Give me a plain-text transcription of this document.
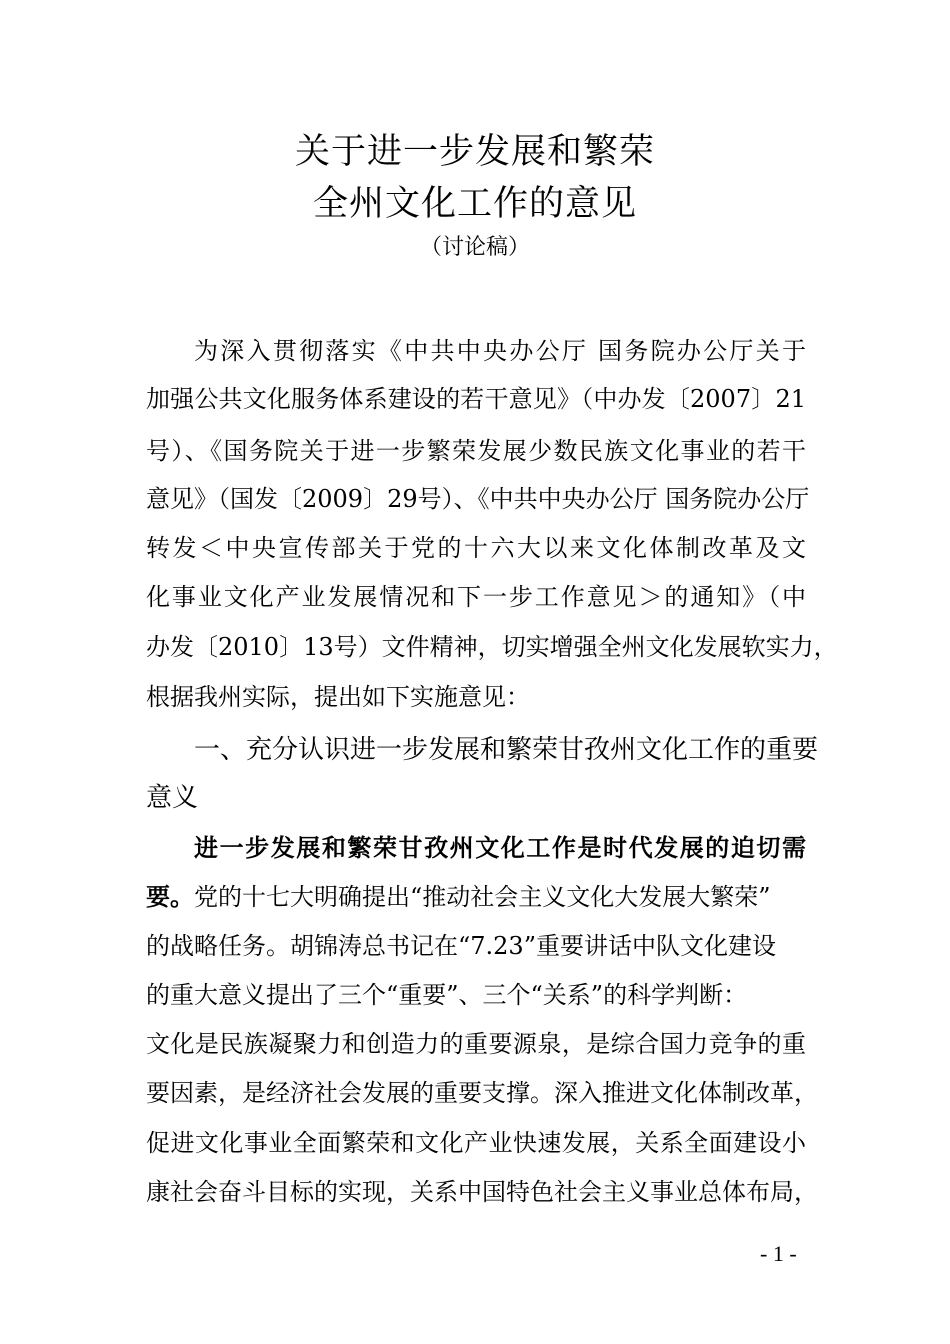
关于进一步发展和繁荣
全州文化工作的意见
（讨论稿）
为深入贯彻落实《中共中央办公厅 国务院办公厅关于
加强公共文化服务体系建设的若干意见》（中办发〔2007〕21
号）、《国务院关于进一步繁荣发展少数民族文化事业的若干
意见》（国发〔2009〕29号）、《中共中央办公厅 国务院办公厅
转发＜中央宣传部关于党的十六大以来文化体制改革及文
化事业文化产业发展情况和下一步工作意见＞的通知》（中
办发〔2010〕13号）文件精神，切实增强全州文化发展软实力，
根据我州实际，提出如下实施意见：
一、充分认识进一步发展和繁荣甘孜州文化工作的重要
意义
进一步发展和繁荣甘孜州文化工作是时代发展的迫切需
要。党的十七大明确提出“推动社会主义文化大发展大繁荣”
的战略任务。胡锦涛总书记在“7.23”重要讲话中队文化建设
的重大意义提出了三个“重要”、三个“关系”的科学判断：
文化是民族凝聚力和创造力的重要源泉，是综合国力竞争的重
要因素，是经济社会发展的重要支撑。深入推进文化体制改革，
促进文化事业全面繁荣和文化产业快速发展，关系全面建设小
康社会奋斗目标的实现，关系中国特色社会主义事业总体布局，
- 1 -
